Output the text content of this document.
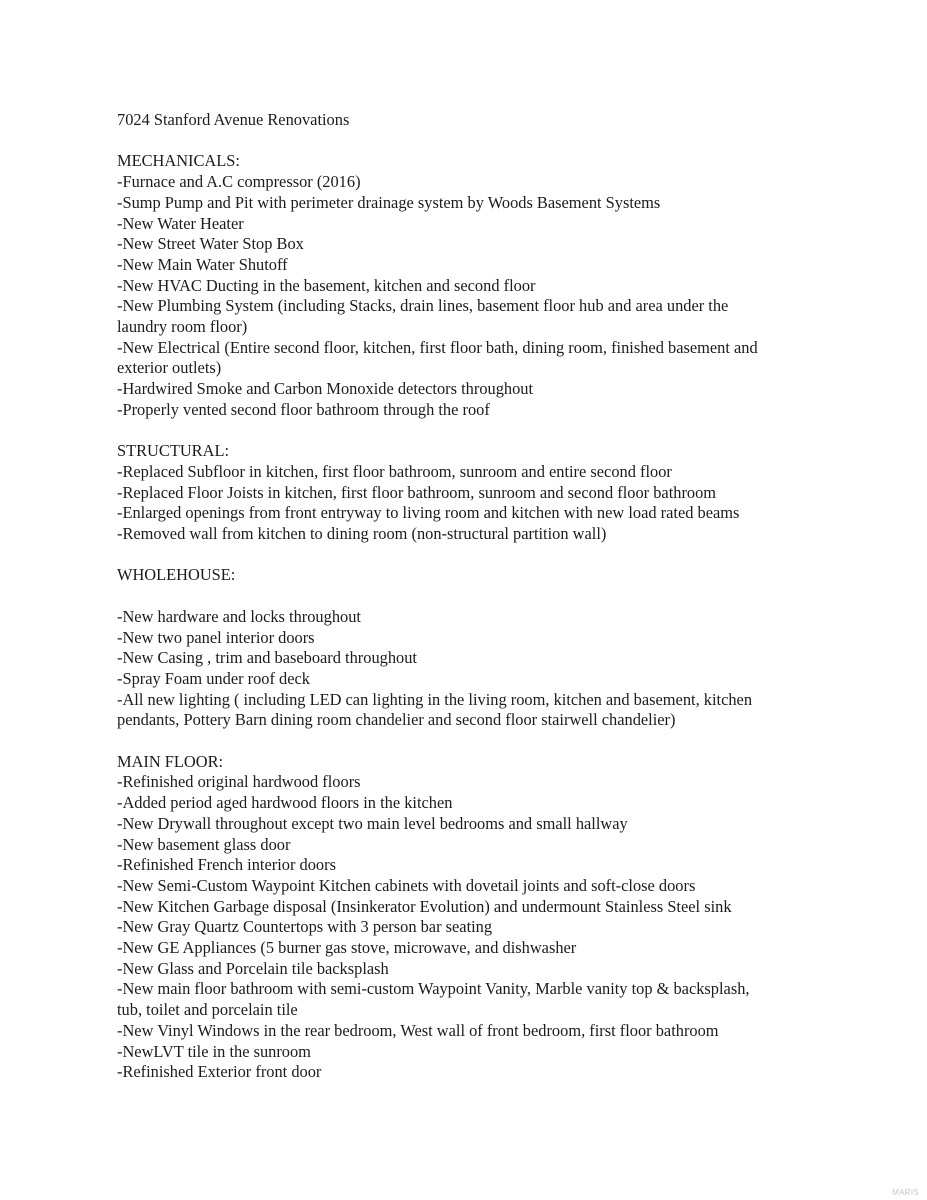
7024 Stanford Avenue Renovations
MECHANICALS:
-Furnace and A.C compressor (2016)
-Sump Pump and Pit with perimeter drainage system by Woods Basement Systems
-New Water Heater
-New Street Water Stop Box
-New Main Water Shutoff
-New HVAC Ducting in the basement, kitchen and second floor
-New Plumbing System (including Stacks, drain lines, basement floor hub and area under the
laundry room floor)
-New Electrical (Entire second floor, kitchen, first floor bath, dining room, finished basement and
exterior outlets)
-Hardwired Smoke and Carbon Monoxide detectors throughout
-Properly vented second floor bathroom through the roof
STRUCTURAL:
-Replaced Subfloor in kitchen, first floor bathroom, sunroom and entire second floor
-Replaced Floor Joists in kitchen, first floor bathroom, sunroom and second floor bathroom
-Enlarged openings from front entryway to living room and kitchen with new load rated beams
-Removed wall from kitchen to dining room (non-structural partition wall)
WHOLEHOUSE:
-New hardware and locks throughout
-New two panel interior doors
-New Casing , trim and baseboard throughout
-Spray Foam under roof deck
-All new lighting ( including LED can lighting in the living room, kitchen and basement, kitchen
pendants, Pottery Barn dining room chandelier and second floor stairwell chandelier)
MAIN FLOOR:
-Refinished original hardwood floors
-Added period aged hardwood floors in the kitchen
-New Drywall throughout except two main level bedrooms and small hallway
-New basement glass door
-Refinished French interior doors
-New Semi-Custom Waypoint Kitchen cabinets with dovetail joints and soft-close doors
-New Kitchen Garbage disposal (Insinkerator Evolution) and undermount Stainless Steel sink
-New Gray Quartz Countertops with 3 person bar seating
-New GE Appliances (5 burner gas stove, microwave, and dishwasher
-New Glass and Porcelain tile backsplash
-New main floor bathroom with semi-custom Waypoint Vanity, Marble vanity top & backsplash,
tub, toilet and porcelain tile
-New Vinyl Windows in the rear bedroom, West wall of front bedroom, first floor bathroom
-NewLVT tile in the sunroom
-Refinished Exterior front door
MARIS
